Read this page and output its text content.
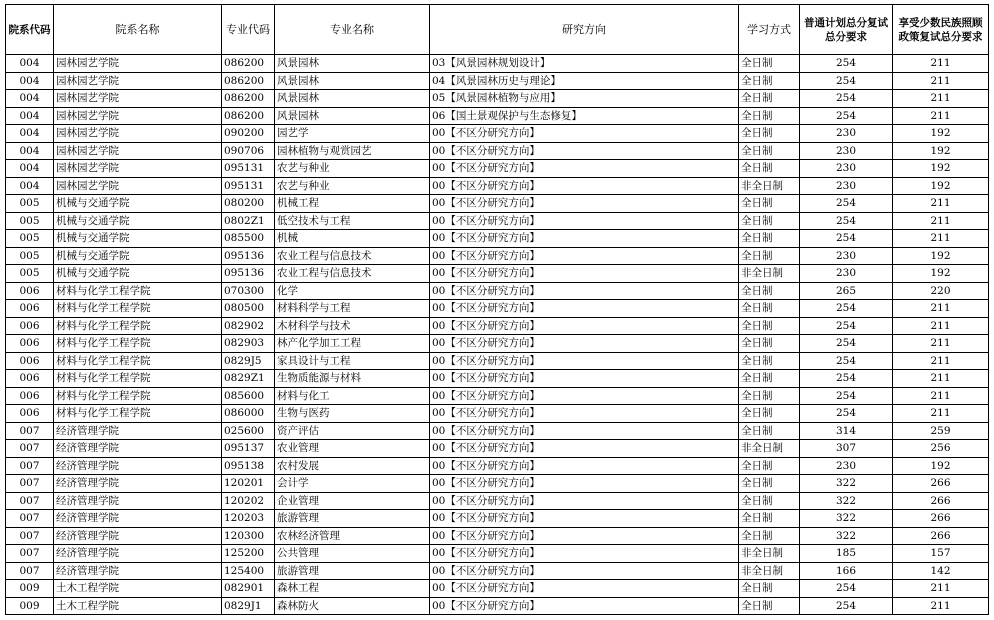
院系代码	院系名称	专业代码	专业名称	研究方向	学习方式	普通计划总分复试总分要求	享受少数民族照顾政策复试总分要求
004	园林园艺学院	086200	风景园林	03【风景园林规划设计】	全日制	254	211
004	园林园艺学院	086200	风景园林	04【风景园林历史与理论】	全日制	254	211
004	园林园艺学院	086200	风景园林	05【风景园林植物与应用】	全日制	254	211
004	园林园艺学院	086200	风景园林	06【国土景观保护与生态修复】	全日制	254	211
004	园林园艺学院	090200	园艺学	00【不区分研究方向】	全日制	230	192
004	园林园艺学院	090706	园林植物与观赏园艺	00【不区分研究方向】	全日制	230	192
004	园林园艺学院	095131	农艺与种业	00【不区分研究方向】	全日制	230	192
004	园林园艺学院	095131	农艺与种业	00【不区分研究方向】	非全日制	230	192
005	机械与交通学院	080200	机械工程	00【不区分研究方向】	全日制	254	211
005	机械与交通学院	0802Z1	低空技术与工程	00【不区分研究方向】	全日制	254	211
005	机械与交通学院	085500	机械	00【不区分研究方向】	全日制	254	211
005	机械与交通学院	095136	农业工程与信息技术	00【不区分研究方向】	全日制	230	192
005	机械与交通学院	095136	农业工程与信息技术	00【不区分研究方向】	非全日制	230	192
006	材料与化学工程学院	070300	化学	00【不区分研究方向】	全日制	265	220
006	材料与化学工程学院	080500	材料科学与工程	00【不区分研究方向】	全日制	254	211
006	材料与化学工程学院	082902	木材科学与技术	00【不区分研究方向】	全日制	254	211
006	材料与化学工程学院	082903	林产化学加工工程	00【不区分研究方向】	全日制	254	211
006	材料与化学工程学院	0829J5	家具设计与工程	00【不区分研究方向】	全日制	254	211
006	材料与化学工程学院	0829Z1	生物质能源与材料	00【不区分研究方向】	全日制	254	211
006	材料与化学工程学院	085600	材料与化工	00【不区分研究方向】	全日制	254	211
006	材料与化学工程学院	086000	生物与医药	00【不区分研究方向】	全日制	254	211
007	经济管理学院	025600	资产评估	00【不区分研究方向】	全日制	314	259
007	经济管理学院	095137	农业管理	00【不区分研究方向】	非全日制	307	256
007	经济管理学院	095138	农村发展	00【不区分研究方向】	全日制	230	192
007	经济管理学院	120201	会计学	00【不区分研究方向】	全日制	322	266
007	经济管理学院	120202	企业管理	00【不区分研究方向】	全日制	322	266
007	经济管理学院	120203	旅游管理	00【不区分研究方向】	全日制	322	266
007	经济管理学院	120300	农林经济管理	00【不区分研究方向】	全日制	322	266
007	经济管理学院	125200	公共管理	00【不区分研究方向】	非全日制	185	157
007	经济管理学院	125400	旅游管理	00【不区分研究方向】	非全日制	166	142
009	土木工程学院	082901	森林工程	00【不区分研究方向】	全日制	254	211
009	土木工程学院	0829J1	森林防火	00【不区分研究方向】	全日制	254	211
